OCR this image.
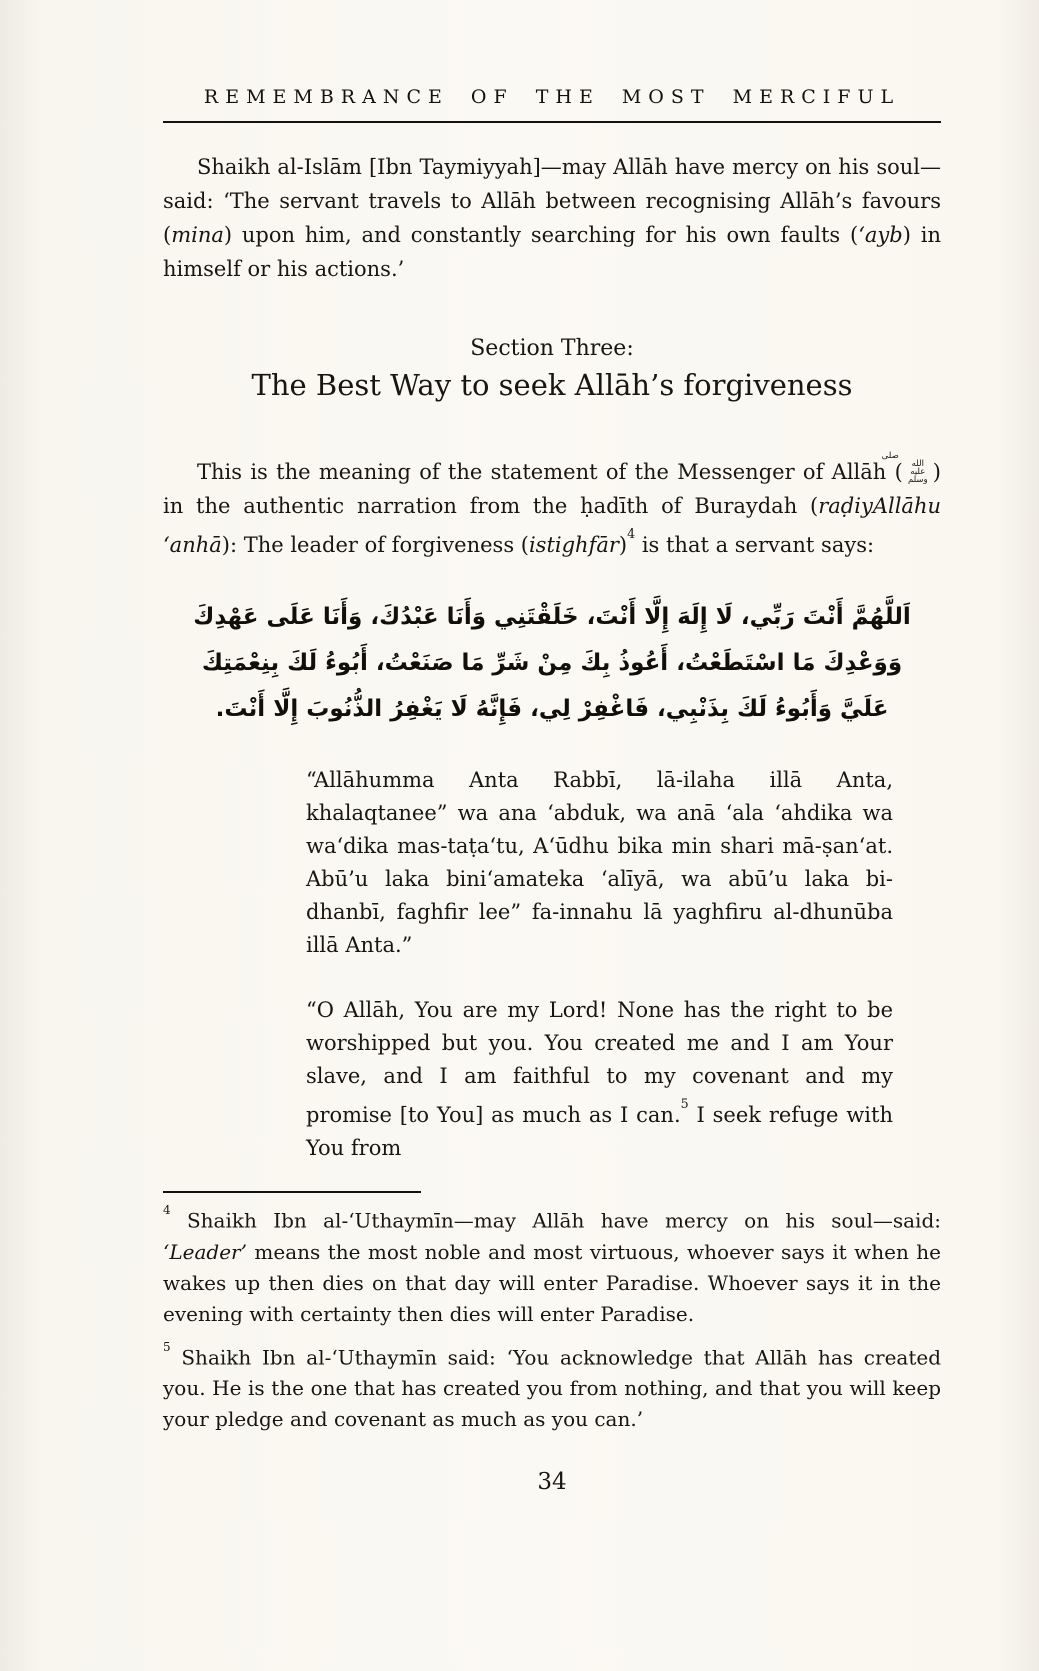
REMEMBRANCE OF THE MOST MERCIFUL

Shaikh al-Islām [Ibn Taymiyyah]—may Allāh have mercy on his soul—said: ‘The servant travels to Allāh between recognising Allāh’s favours (mina) upon him, and constantly searching for his own faults (‘ayb) in himself or his actions.’

Section Three:
The Best Way to seek Allāh’s forgiveness

This is the meaning of the statement of the Messenger of Allāh (صلى الله عليه وسلم ) in the authentic narration from the ḥadīth of Buraydah (raḍiyAllāhu ‘anhā): The leader of forgiveness (istighfār)$^4$ is that a servant says:

اَللَّهُمَّ أَنْتَ رَبِّي، لَا إِلَهَ إِلَّا أَنْتَ، خَلَقْتَنِي وَأَنَا عَبْدُكَ، وَأَنَا عَلَى عَهْدِكَ
وَوَعْدِكَ مَا اسْتَطَعْتُ، أَعُوذُ بِكَ مِنْ شَرِّ مَا صَنَعْتُ، أَبُوءُ لَكَ بِنِعْمَتِكَ
عَلَيَّ وَأَبُوءُ لَكَ بِذَنْبِي، فَاغْفِرْ لِي، فَإِنَّهُ لَا يَغْفِرُ الذُّنُوبَ إِلَّا أَنْتَ.

“Allāhumma Anta Rabbī, lā-ilaha illā Anta, khalaqtanee” wa ana ‘abduk, wa anā ‘ala ‘ahdika wa wa‘dika mas-taṭa‘tu, A‘ūdhu bika min shari mā-ṣan‘at. Abū’u laka bini‘amateka ‘alīyā, wa abū’u laka bi-dhanbī, faghfir lee” fa-innahu lā yaghfiru al-dhunūba illā Anta.”

“O Allāh, You are my Lord! None has the right to be worshipped but you. You created me and I am Your slave, and I am faithful to my covenant and my promise [to You] as much as I can.$^5$ I seek refuge with You from

$^4$ Shaikh Ibn al-‘Uthaymīn—may Allāh have mercy on his soul—said: ‘Leader’ means the most noble and most virtuous, whoever says it when he wakes up then dies on that day will enter Paradise. Whoever says it in the evening with certainty then dies will enter Paradise.

$^5$ Shaikh Ibn al-‘Uthaymīn said: ‘You acknowledge that Allāh has created you. He is the one that has created you from nothing, and that you will keep your pledge and covenant as much as you can.’

34
